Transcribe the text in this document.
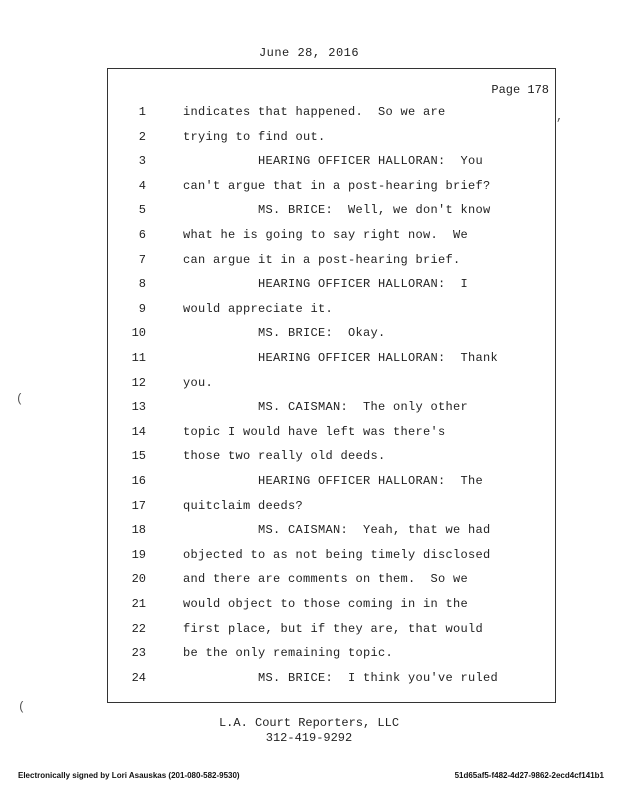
June 28, 2016
Page 178
1	indicates that happened.  So we are
2	trying to find out.
3	HEARING OFFICER HALLORAN:  You
4	can't argue that in a post-hearing brief?
5	MS. BRICE:  Well, we don't know
6	what he is going to say right now.  We
7	can argue it in a post-hearing brief.
8	HEARING OFFICER HALLORAN:  I
9	would appreciate it.
10	MS. BRICE:  Okay.
11	HEARING OFFICER HALLORAN:  Thank
12	you.
13	MS. CAISMAN:  The only other
14	topic I would have left was there's
15	those two really old deeds.
16	HEARING OFFICER HALLORAN:  The
17	quitclaim deeds?
18	MS. CAISMAN:  Yeah, that we had
19	objected to as not being timely disclosed
20	and there are comments on them.  So we
21	would object to those coming in in the
22	first place, but if they are, that would
23	be the only remaining topic.
24	MS. BRICE:  I think you've ruled
,
(
(
L.A. Court Reporters, LLC
312-419-9292
Electronically signed by Lori Asauskas (201-080-582-9530)	51d65af5-f482-4d27-9862-2ecd4cf141b1
